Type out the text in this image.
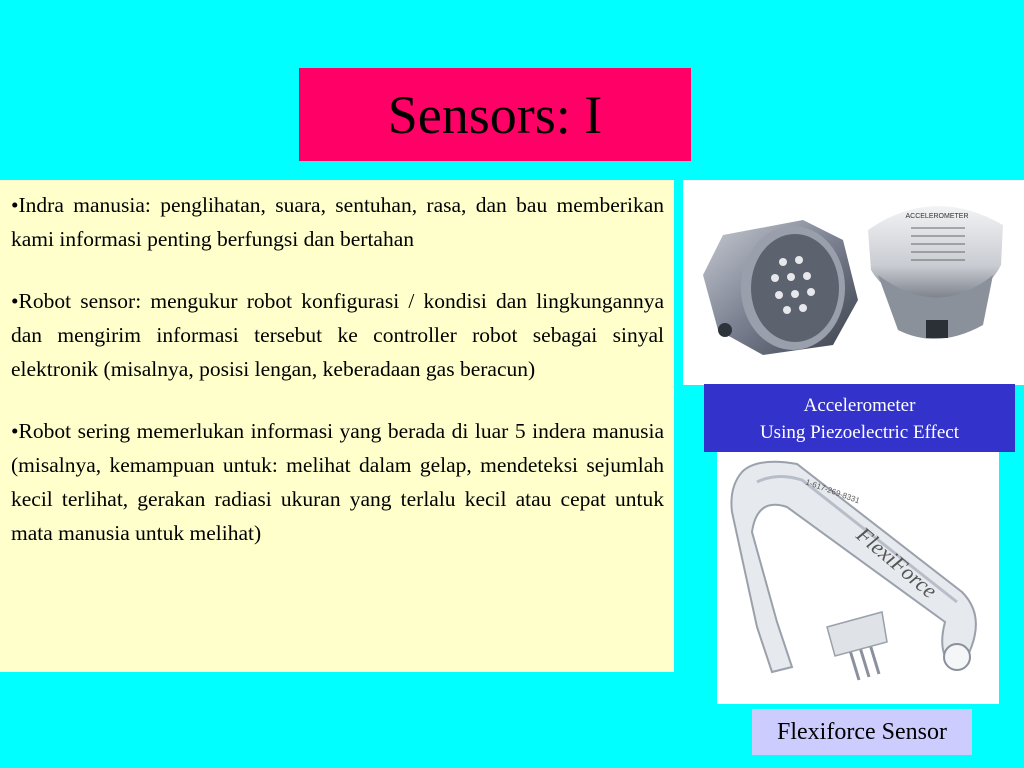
Sensors: I

•Indra manusia: penglihatan, suara, sentuhan, rasa, dan bau memberikan kami informasi penting berfungsi dan bertahan

•Robot sensor: mengukur robot konfigurasi / kondisi dan lingkungannya dan mengirim informasi tersebut ke controller robot sebagai sinyal elektronik (misalnya, posisi lengan, keberadaan gas beracun)

•Robot sering memerlukan informasi yang berada di luar 5 indera manusia (misalnya, kemampuan untuk: melihat dalam gelap, mendeteksi sejumlah kecil terlihat, gerakan radiasi ukuran yang terlalu kecil atau cepat untuk mata manusia untuk melihat)

ACCELEROMETER
Accelerometer
Using Piezoelectric Effect
FlexiForce
1-617-269-8331
Flexiforce Sensor
